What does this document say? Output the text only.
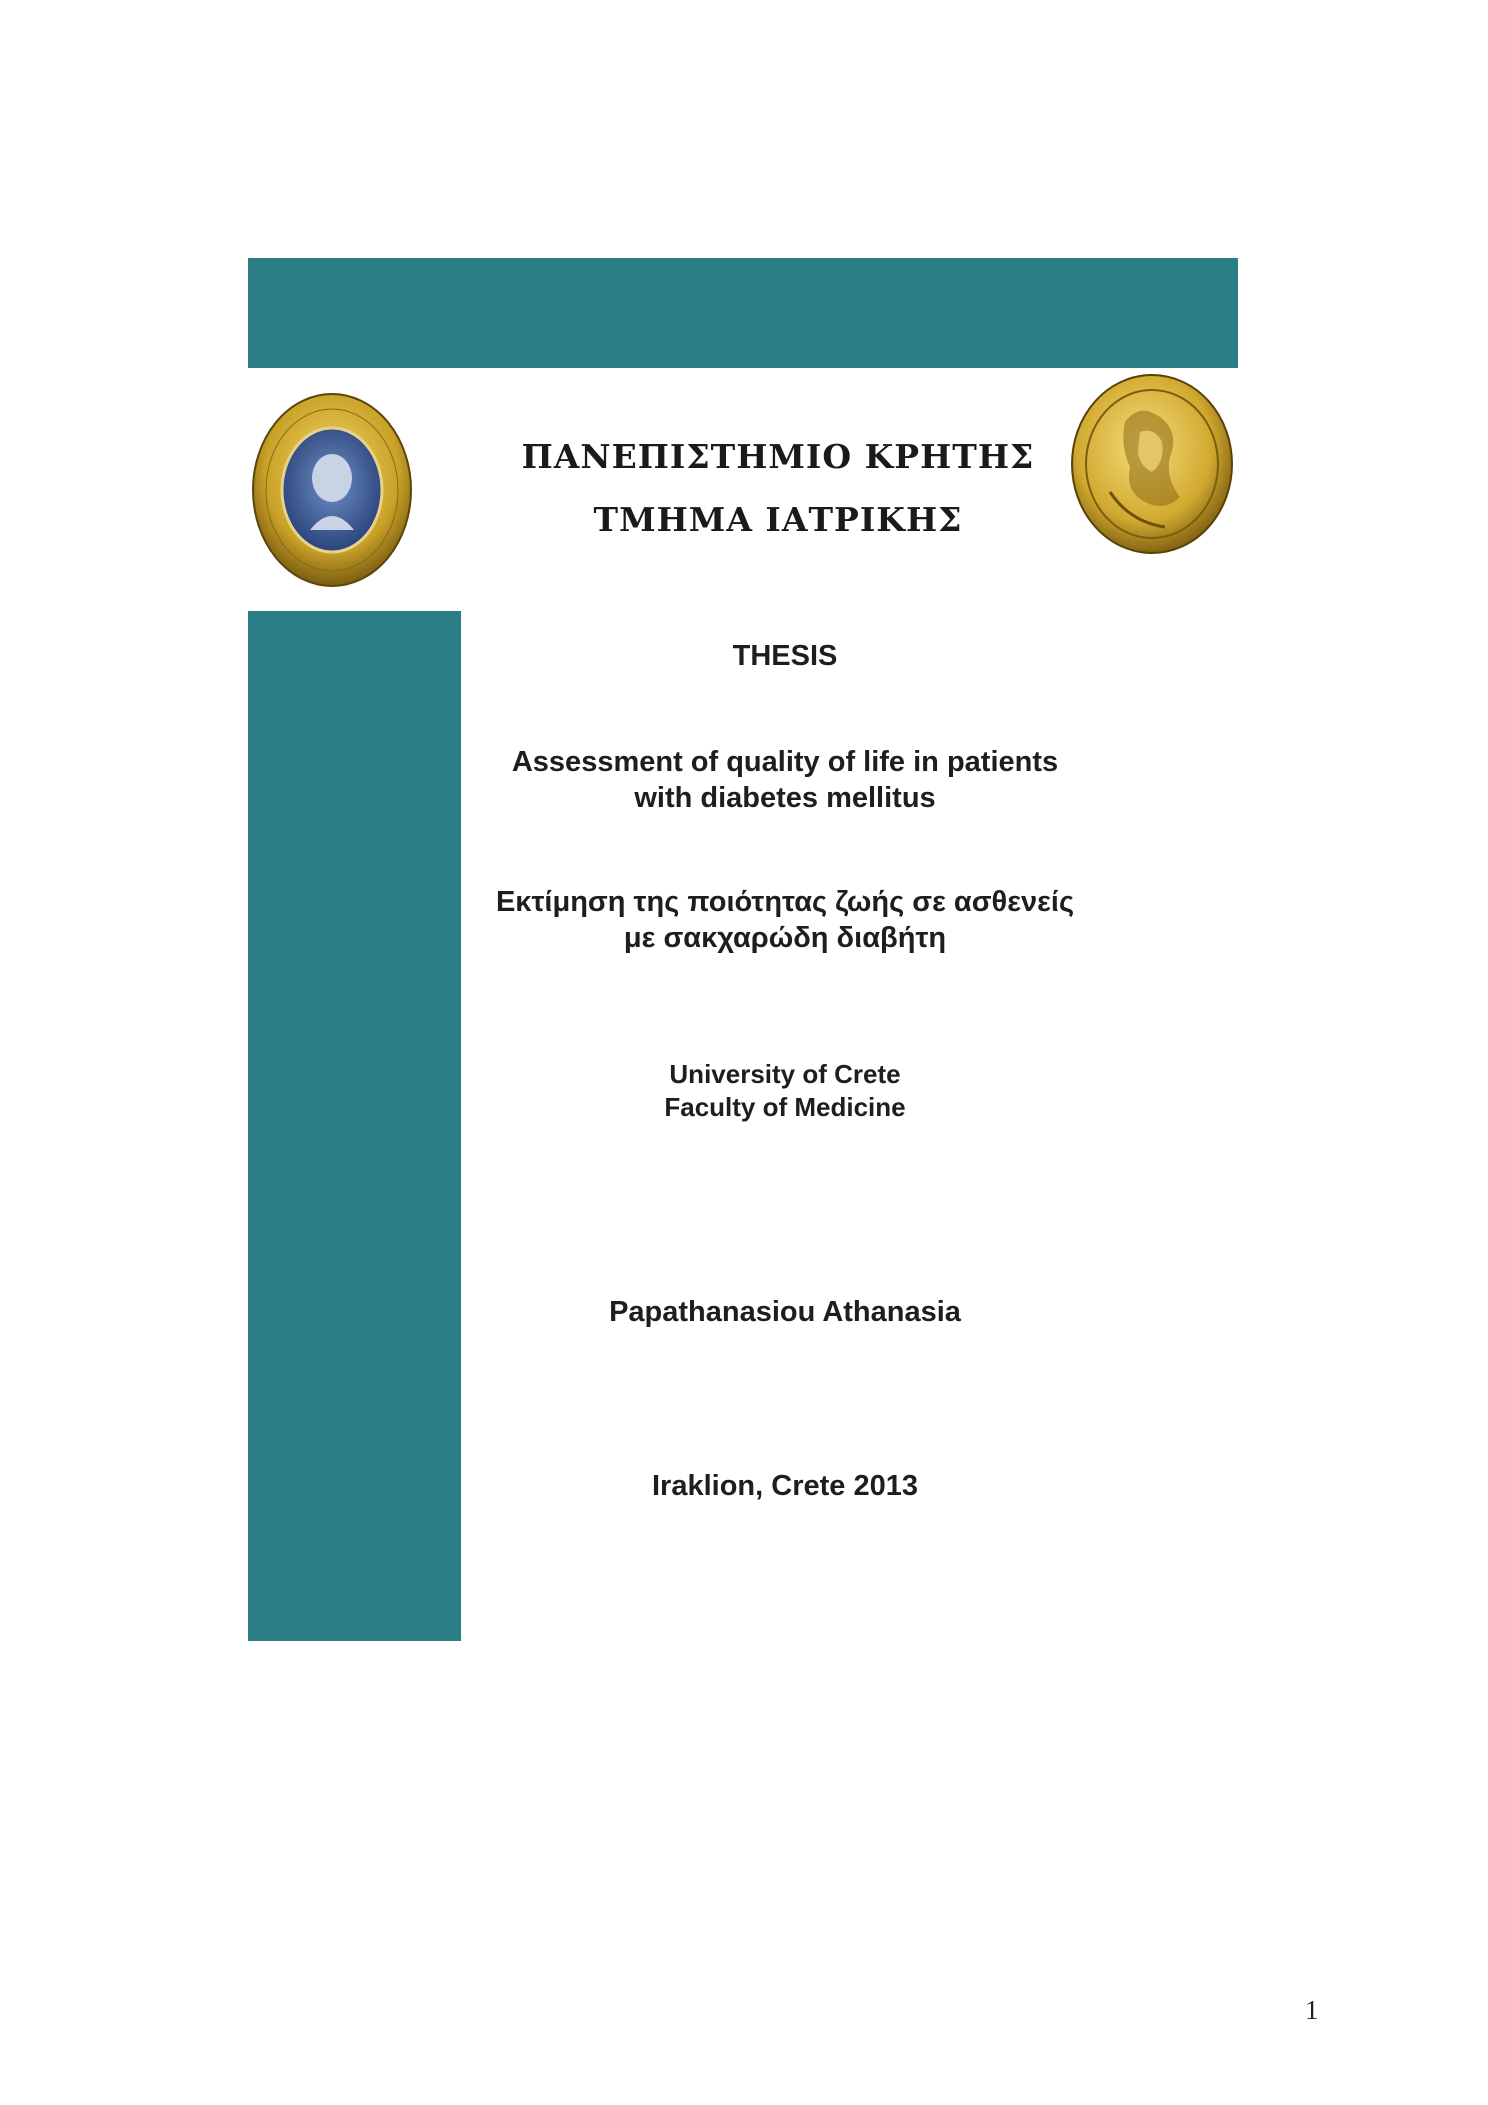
ΠΑΝΕΠΙΣΤΗΜΙΟ ΚΡΗΤΗΣ
ΤΜΗΜΑ ΙΑΤΡΙΚΗΣ
THESIS
Assessment of quality of life in patients
with diabetes mellitus
Εκτίμηση της ποιότητας ζωής σε ασθενείς
με σακχαρώδη διαβήτη
University of Crete
Faculty of Medicine
Papathanasiou Athanasia
Iraklion, Crete 2013
1
